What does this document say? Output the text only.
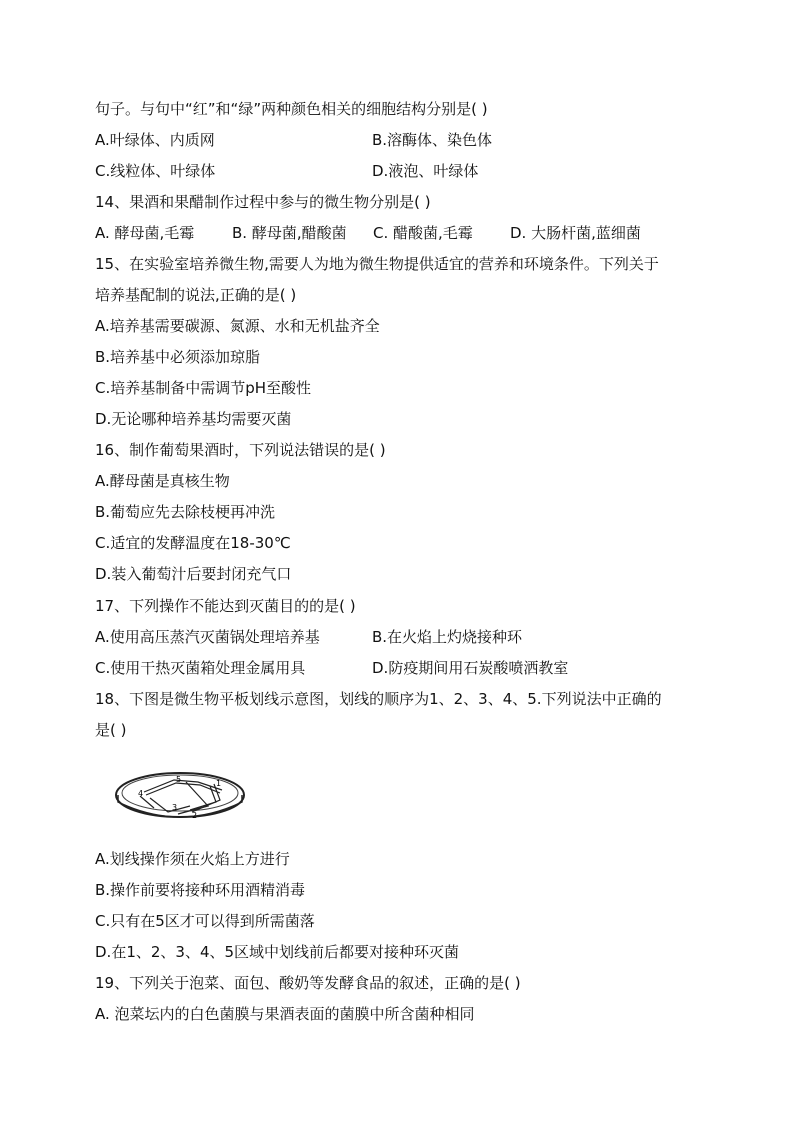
句子。与句中“红”和“绿”两种颜色相关的细胞结构分别是( )
A.叶绿体、内质网	B.溶酶体、染色体
C.线粒体、叶绿体	D.液泡、叶绿体
14、果酒和果醋制作过程中参与的微生物分别是( )
A. 酵母菌,毛霉	B. 酵母菌,醋酸菌 C. 醋酸菌,毛霉 D. 大肠杆菌,蓝细菌
15、在实验室培养微生物,需要人为地为微生物提供适宜的营养和环境条件。下列关于
培养基配制的说法,正确的是( )
A.培养基需要碳源、氮源、水和无机盐齐全
B.培养基中必须添加琼脂
C.培养基制备中需调节pH至酸性
D.无论哪种培养基均需要灭菌
16、制作葡萄果酒时，下列说法错误的是( )
A.酵母菌是真核生物
B.葡萄应先去除枝梗再冲洗
C.适宜的发酵温度在18-30℃
D.装入葡萄汁后要封闭充气口
17、下列操作不能达到灭菌目的的是( )
A.使用高压蒸汽灭菌锅处理培养基	B.在火焰上灼烧接种环
C.使用干热灭菌箱处理金属用具	D.防疫期间用石炭酸喷洒教室
18、下图是微生物平板划线示意图，划线的顺序为1、2、3、4、5.下列说法中正确的
是( )
1
2
3
4
5
A.划线操作须在火焰上方进行
B.操作前要将接种环用酒精消毒
C.只有在5区才可以得到所需菌落
D.在1、2、3、4、5区域中划线前后都要对接种环灭菌
19、下列关于泡菜、面包、酸奶等发酵食品的叙述，正确的是( )
A. 泡菜坛内的白色菌膜与果酒表面的菌膜中所含菌种相同
